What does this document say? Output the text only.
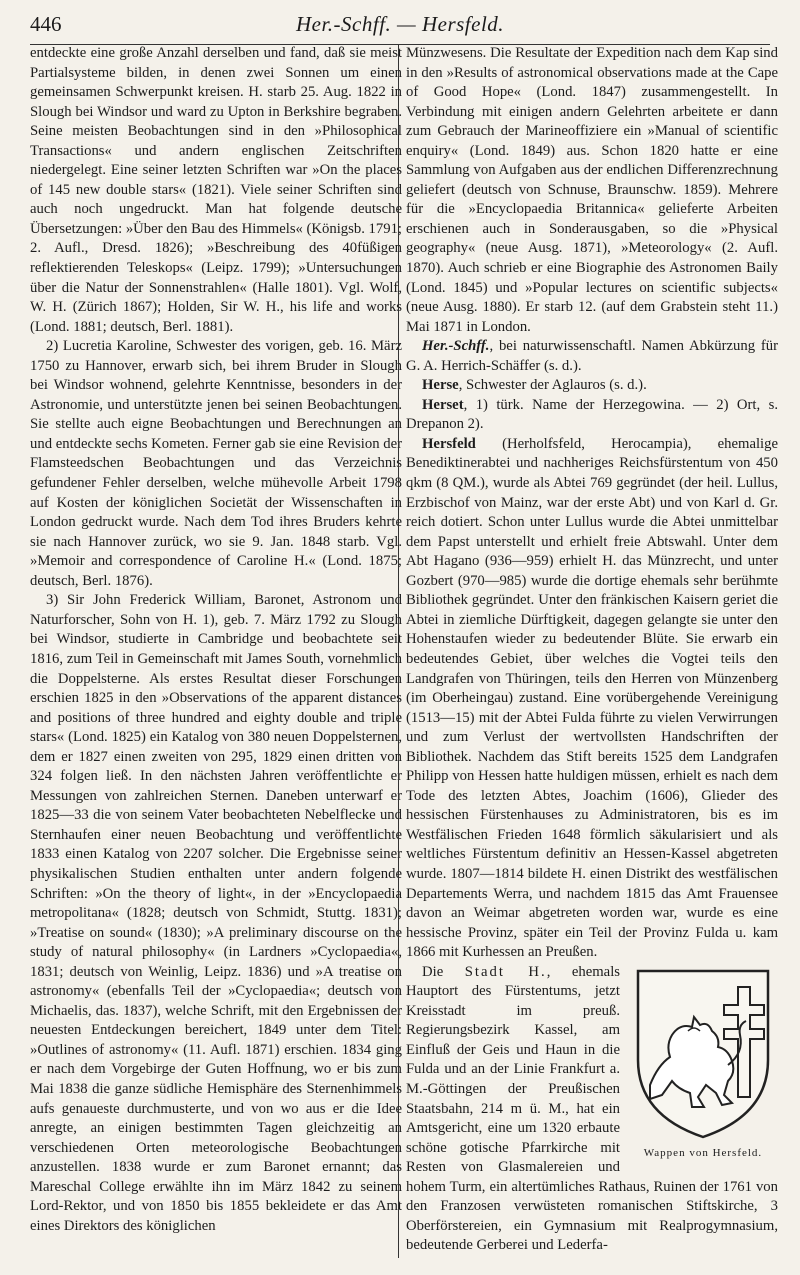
446	Her.-Schff. — Hersfeld.

entdeckte eine große Anzahl derselben und fand, daß sie meist Partialsysteme bilden, in denen zwei Sonnen um einen gemeinsamen Schwerpunkt kreisen. H. starb 25. Aug. 1822 in Slough bei Windsor und ward zu Upton in Berkshire begraben. Seine meisten Beobachtungen sind in den »Philosophical Transactions« und andern englischen Zeitschriften niedergelegt. Eine seiner letzten Schriften war »On the places of 145 new double stars« (1821). Viele seiner Schriften sind auch noch ungedruckt. Man hat folgende deutsche Übersetzungen: »Über den Bau des Himmels« (Königsb. 1791; 2. Aufl., Dresd. 1826); »Beschreibung des 40füßigen reflektierenden Teleskops« (Leipz. 1799); »Untersuchungen über die Natur der Sonnenstrahlen« (Halle 1801). Vgl. Wolf, W. H. (Zürich 1867); Holden, Sir W. H., his life and works (Lond. 1881; deutsch, Berl. 1881).

2) Lucretia Karoline, Schwester des vorigen, geb. 16. März 1750 zu Hannover, erwarb sich, bei ihrem Bruder in Slough bei Windsor wohnend, gelehrte Kenntnisse, besonders in der Astronomie, und unterstützte jenen bei seinen Beobachtungen. Sie stellte auch eigne Beobachtungen und Berechnungen an und entdeckte sechs Kometen. Ferner gab sie eine Revision der Flamsteedschen Beobachtungen und das Verzeichnis gefundener Fehler derselben, welche mühevolle Arbeit 1798 auf Kosten der königlichen Societät der Wissenschaften in London gedruckt wurde. Nach dem Tod ihres Bruders kehrte sie nach Hannover zurück, wo sie 9. Jan. 1848 starb. Vgl. »Memoir and correspondence of Caroline H.« (Lond. 1875; deutsch, Berl. 1876).

3) Sir John Frederick William, Baronet, Astronom und Naturforscher, Sohn von H. 1), geb. 7. März 1792 zu Slough bei Windsor, studierte in Cambridge und beobachtete seit 1816, zum Teil in Gemeinschaft mit James South, vornehmlich die Doppelsterne. Als erstes Resultat dieser Forschungen erschien 1825 in den »Observations of the apparent distances and positions of three hundred and eighty double and triple stars« (Lond. 1825) ein Katalog von 380 neuen Doppelsternen, dem er 1827 einen zweiten von 295, 1829 einen dritten von 324 folgen ließ. In den nächsten Jahren veröffentlichte er Messungen von zahlreichen Sternen. Daneben unterwarf er 1825—33 die von seinem Vater beobachteten Nebelflecke und Sternhaufen einer neuen Beobachtung und veröffentlichte 1833 einen Katalog von 2207 solcher. Die Ergebnisse seiner physikalischen Studien enthalten unter andern folgende Schriften: »On the theory of light«, in der »Encyclopaedia metropolitana« (1828; deutsch von Schmidt, Stuttg. 1831); »Treatise on sound« (1830); »A preliminary discourse on the study of natural philosophy« (in Lardners »Cyclopaedia«, 1831; deutsch von Weinlig, Leipz. 1836) und »A treatise on astronomy« (ebenfalls Teil der »Cyclopaedia«; deutsch von Michaelis, das. 1837), welche Schrift, mit den Ergebnissen der neuesten Entdeckungen bereichert, 1849 unter dem Titel: »Outlines of astronomy« (11. Aufl. 1871) erschien. 1834 ging er nach dem Vorgebirge der Guten Hoffnung, wo er bis zum Mai 1838 die ganze südliche Hemisphäre des Sternenhimmels aufs genaueste durchmusterte, und von wo aus er die Idee anregte, an einigen bestimmten Tagen gleichzeitig an verschiedenen Orten meteorologische Beobachtungen anzustellen. 1838 wurde er zum Baronet ernannt; das Mareschal College erwählte ihn im März 1842 zu seinem Lord-Rektor, und von 1850 bis 1855 bekleidete er das Amt eines Direktors des königlichen

Münzwesens. Die Resultate der Expedition nach dem Kap sind in den »Results of astronomical observations made at the Cape of Good Hope« (Lond. 1847) zusammengestellt. In Verbindung mit einigen andern Gelehrten arbeitete er dann zum Gebrauch der Marineoffiziere ein »Manual of scientific enquiry« (Lond. 1849) aus. Schon 1820 hatte er eine Sammlung von Aufgaben aus der endlichen Differenzrechnung geliefert (deutsch von Schnuse, Braunschw. 1859). Mehrere für die »Encyclopaedia Britannica« gelieferte Arbeiten erschienen auch in Sonderausgaben, so die »Physical geography« (neue Ausg. 1871), »Meteorology« (2. Aufl. 1870). Auch schrieb er eine Biographie des Astronomen Baily (Lond. 1845) und »Popular lectures on scientific subjects« (neue Ausg. 1880). Er starb 12. (auf dem Grabstein steht 11.) Mai 1871 in London.

Her.-Schff., bei naturwissenschaftl. Namen Abkürzung für G. A. Herrich-Schäffer (s. d.).

Herse, Schwester der Aglauros (s. d.).

Herset, 1) türk. Name der Herzegowina. — 2) Ort, s. Drepanon 2).

Hersfeld (Herholfsfeld, Herocampia), ehemalige Benediktinerabtei und nachheriges Reichsfürstentum von 450 qkm (8 QM.), wurde als Abtei 769 gegründet (der heil. Lullus, Erzbischof von Mainz, war der erste Abt) und von Karl d. Gr. reich dotiert. Schon unter Lullus wurde die Abtei unmittelbar dem Papst unterstellt und erhielt freie Abtswahl. Unter dem Abt Hagano (936—959) erhielt H. das Münzrecht, und unter Gozbert (970—985) wurde die dortige ehemals sehr berühmte Bibliothek gegründet. Unter den fränkischen Kaisern geriet die Abtei in ziemliche Dürftigkeit, dagegen gelangte sie unter den Hohenstaufen wieder zu bedeutender Blüte. Sie erwarb ein bedeutendes Gebiet, über welches die Vogtei teils den Landgrafen von Thüringen, teils den Herren von Münzenberg (im Oberheingau) zustand. Eine vorübergehende Vereinigung (1513—15) mit der Abtei Fulda führte zu vielen Verwirrungen und zum Verlust der wertvollsten Handschriften der Bibliothek. Nachdem das Stift bereits 1525 dem Landgrafen Philipp von Hessen hatte huldigen müssen, erhielt es nach dem Tode des letzten Abtes, Joachim (1606), Glieder des hessischen Fürstenhauses zu Administratoren, bis es im Westfälischen Frieden 1648 förmlich säkularisiert und als weltliches Fürstentum definitiv an Hessen-Kassel abgetreten wurde. 1807—1814 bildete H. einen Distrikt des westfälischen Departements Werra, und nachdem 1815 das Amt Frauensee davon an Weimar abgetreten worden war, wurde es eine hessische Provinz, später ein Teil der Provinz Fulda u. kam 1866 mit Kurhessen an Preußen.

Wappen von Hersfeld.
Die Stadt H., ehemals Hauptort des Fürstentums, jetzt Kreisstadt im preuß. Regierungsbezirk Kassel, am Einfluß der Geis und Haun in die Fulda und an der Linie Frankfurt a. M.-Göttingen der Preußischen Staatsbahn, 214 m ü. M., hat ein Amtsgericht, eine um 1320 erbaute schöne gotische Pfarrkirche mit Resten von Glasmalereien und hohem Turm, ein altertümliches Rathaus, Ruinen der 1761 von den Franzosen verwüsteten romanischen Stiftskirche, 3 Oberförstereien, ein Gymnasium mit Realprogymnasium, bedeutende Gerberei und Lederfa-
